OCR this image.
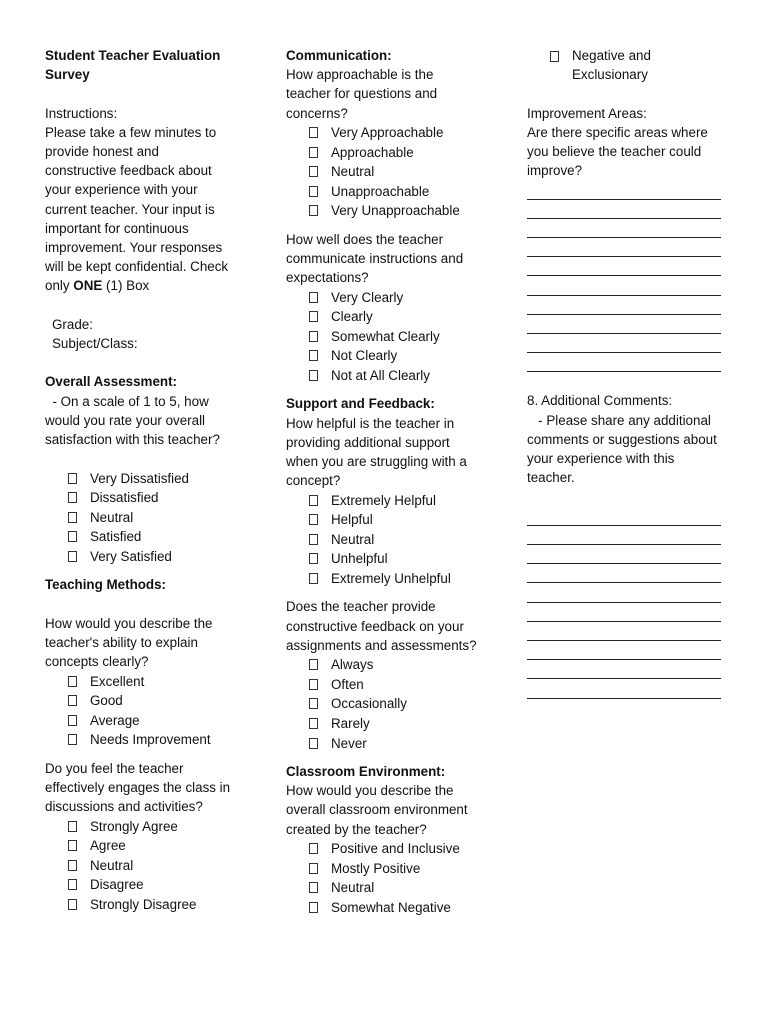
Student Teacher Evaluation
Survey
Instructions:
Please take a few minutes to
provide honest and
constructive feedback about
your experience with your
current teacher. Your input is
important for continuous
improvement. Your responses
will be kept confidential. Check
only ONE (1) Box
Grade:
Subject/Class:
Overall Assessment:
- On a scale of 1 to 5, how
would you rate your overall
satisfaction with this teacher?
Very Dissatisfied
Dissatisfied
Neutral
Satisfied
Very Satisfied
Teaching Methods:
How would you describe the
teacher's ability to explain
concepts clearly?
Excellent
Good
Average
Needs Improvement
Do you feel the teacher
effectively engages the class in
discussions and activities?
Strongly Agree
Agree
Neutral
Disagree
Strongly Disagree
Communication:
How approachable is the
teacher for questions and
concerns?
Very Approachable
Approachable
Neutral
Unapproachable
Very Unapproachable
How well does the teacher
communicate instructions and
expectations?
Very Clearly
Clearly
Somewhat Clearly
Not Clearly
Not at All Clearly
Support and Feedback:
How helpful is the teacher in
providing additional support
when you are struggling with a
concept?
Extremely Helpful
Helpful
Neutral
Unhelpful
Extremely Unhelpful
Does the teacher provide
constructive feedback on your
assignments and assessments?
Always
Often
Occasionally
Rarely
Never
Classroom Environment:
How would you describe the
overall classroom environment
created by the teacher?
Positive and Inclusive
Mostly Positive
Neutral
Somewhat Negative
Negative and
Exclusionary
Improvement Areas:
Are there specific areas where
you believe the teacher could
improve?
8. Additional Comments:
- Please share any additional
comments or suggestions about
your experience with this
teacher.
